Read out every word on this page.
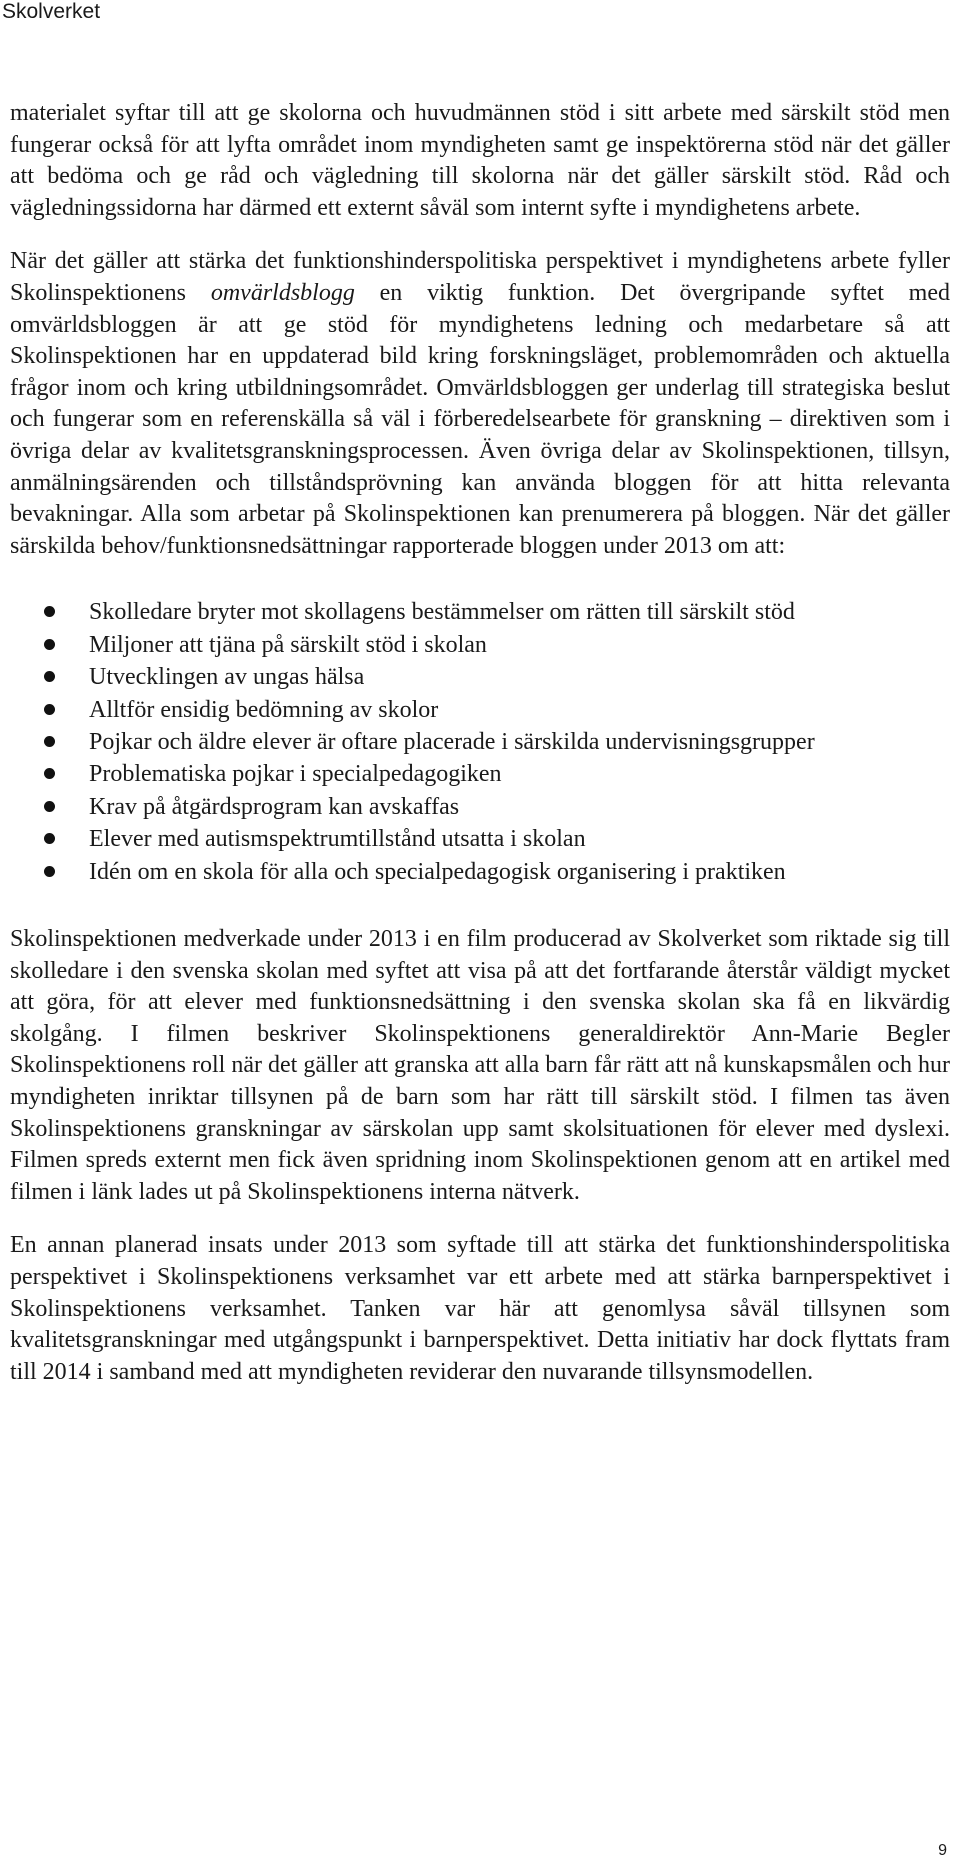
Skolverket

materialet syftar till att ge skolorna och huvudmännen stöd i sitt arbete med särskilt stöd men fungerar också för att lyfta området inom myndigheten samt ge inspektörerna stöd när det gäller att bedöma och ge råd och vägledning till skolorna när det gäller särskilt stöd. Råd och vägledningssidorna har därmed ett externt såväl som internt syfte i myndighetens arbete.

När det gäller att stärka det funktionshinderspolitiska perspektivet i myndighetens arbete fyller Skolinspektionens omvärldsblogg en viktig funktion. Det övergripande syftet med omvärldsbloggen är att ge stöd för myndighetens ledning och medarbetare så att Skolinspektionen har en uppdaterad bild kring forskningsläget, problemområden och aktuella frågor inom och kring utbildningsområdet. Omvärldsbloggen ger underlag till strategiska beslut och fungerar som en referenskälla så väl i förberedelsearbete för granskning – direktiven som i övriga delar av kvalitetsgranskningsprocessen. Även övriga delar av Skolinspektionen, tillsyn, anmälningsärenden och tillståndsprövning kan använda bloggen för att hitta relevanta bevakningar. Alla som arbetar på Skolinspektionen kan prenumerera på bloggen. När det gäller särskilda behov/funktionsnedsättningar rapporterade bloggen under 2013 om att:

Skolledare bryter mot skollagens bestämmelser om rätten till särskilt stöd
Miljoner att tjäna på särskilt stöd i skolan
Utvecklingen av ungas hälsa
Alltför ensidig bedömning av skolor
Pojkar och äldre elever är oftare placerade i särskilda undervisningsgrupper
Problematiska pojkar i specialpedagogiken
Krav på åtgärdsprogram kan avskaffas
Elever med autismspektrumtillstånd utsatta i skolan
Idén om en skola för alla och specialpedagogisk organisering i praktiken

Skolinspektionen medverkade under 2013 i en film producerad av Skolverket som riktade sig till skolledare i den svenska skolan med syftet att visa på att det fortfarande återstår väldigt mycket att göra, för att elever med funktionsnedsättning i den svenska skolan ska få en likvärdig skolgång. I filmen beskriver Skolinspektionens generaldirektör Ann-Marie Begler Skolinspektionens roll när det gäller att granska att alla barn får rätt att nå kunskapsmålen och hur myndigheten inriktar tillsynen på de barn som har rätt till särskilt stöd. I filmen tas även Skolinspektionens granskningar av särskolan upp samt skolsituationen för elever med dyslexi. Filmen spreds externt men fick även spridning inom Skolinspektionen genom att en artikel med filmen i länk lades ut på Skolinspektionens interna nätverk.

En annan planerad insats under 2013 som syftade till att stärka det funktionshinderspolitiska perspektivet i Skolinspektionens verksamhet var ett arbete med att stärka barnperspektivet i Skolinspektionens verksamhet. Tanken var här att genomlysa såväl tillsynen som kvalitetsgranskningar med utgångspunkt i barnperspektivet. Detta initiativ har dock flyttats fram till 2014 i samband med att myndigheten reviderar den nuvarande tillsynsmodellen.

9
